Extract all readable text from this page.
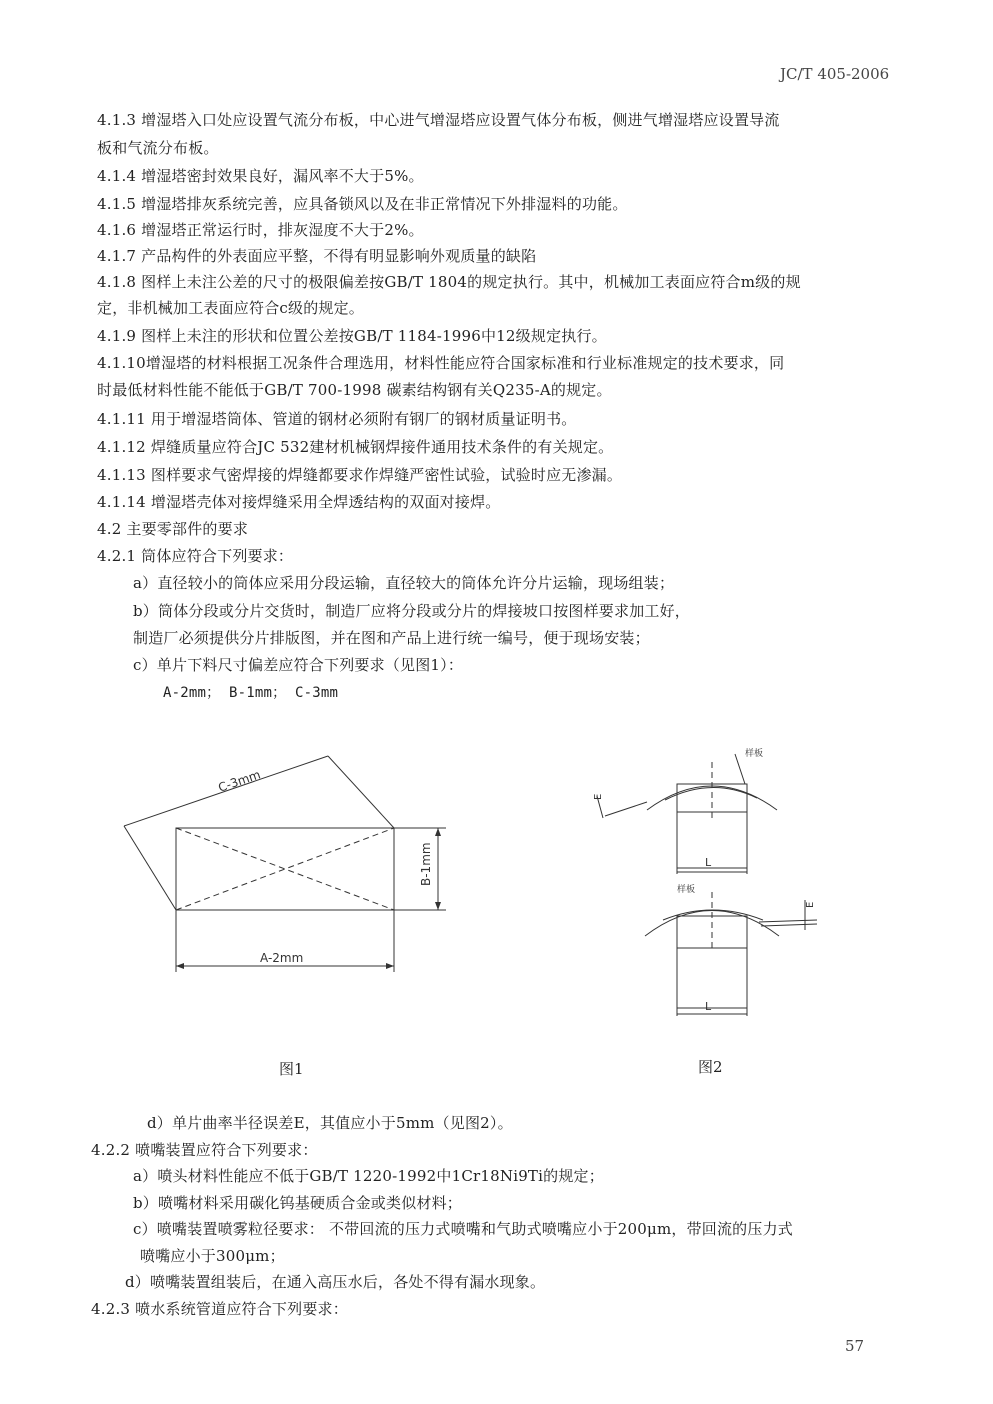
JC/T 405-2006
4.1.3 增湿塔入口处应设置气流分布板，中心进气增湿塔应设置气体分布板，侧进气增湿塔应设置导流
板和气流分布板。
4.1.4 增湿塔密封效果良好，漏风率不大于5%。
4.1.5 增湿塔排灰系统完善，应具备锁风以及在非正常情况下外排湿料的功能。
4.1.6 增湿塔正常运行时，排灰湿度不大于2%。
4.1.7 产品构件的外表面应平整，不得有明显影响外观质量的缺陷
4.1.8 图样上未注公差的尺寸的极限偏差按GB/T 1804的规定执行。其中，机械加工表面应符合m级的规
定，非机械加工表面应符合c级的规定。
4.1.9 图样上未注的形状和位置公差按GB/T 1184-1996中12级规定执行。
4.1.10增湿塔的材料根据工况条件合理选用，材料性能应符合国家标准和行业标准规定的技术要求，同
时最低材料性能不能低于GB/T 700-1998 碳素结构钢有关Q235-A的规定。
4.1.11 用于增湿塔筒体、管道的钢材必须附有钢厂的钢材质量证明书。
4.1.12 焊缝质量应符合JC 532建材机械钢焊接件通用技术条件的有关规定。
4.1.13 图样要求气密焊接的焊缝都要求作焊缝严密性试验，试验时应无渗漏。
4.1.14 增湿塔壳体对接焊缝采用全焊透结构的双面对接焊。
4.2 主要零部件的要求
4.2.1 筒体应符合下列要求：
a）直径较小的筒体应采用分段运输，直径较大的筒体允许分片运输，现场组装；
b）筒体分段或分片交货时，制造厂应将分段或分片的焊接坡口按图样要求加工好，
制造厂必须提供分片排版图，并在图和产品上进行统一编号，便于现场安装；
c）单片下料尺寸偏差应符合下列要求（见图1）：
A-2mm； B-1mm； C-3mm
C-3mm
B-1mm
A-2mm
图1
样板
E
L
样板
E
L
图2
d）单片曲率半径误差E，其值应小于5mm（见图2）。
4.2.2 喷嘴装置应符合下列要求：
a）喷头材料性能应不低于GB/T 1220-1992中1Cr18Ni9Ti的规定；
b）喷嘴材料采用碳化钨基硬质合金或类似材料；
c）喷嘴装置喷雾粒径要求： 不带回流的压力式喷嘴和气助式喷嘴应小于200μm，带回流的压力式
喷嘴应小于300μm；
d）喷嘴装置组装后，在通入高压水后，各处不得有漏水现象。
4.2.3 喷水系统管道应符合下列要求：
57
